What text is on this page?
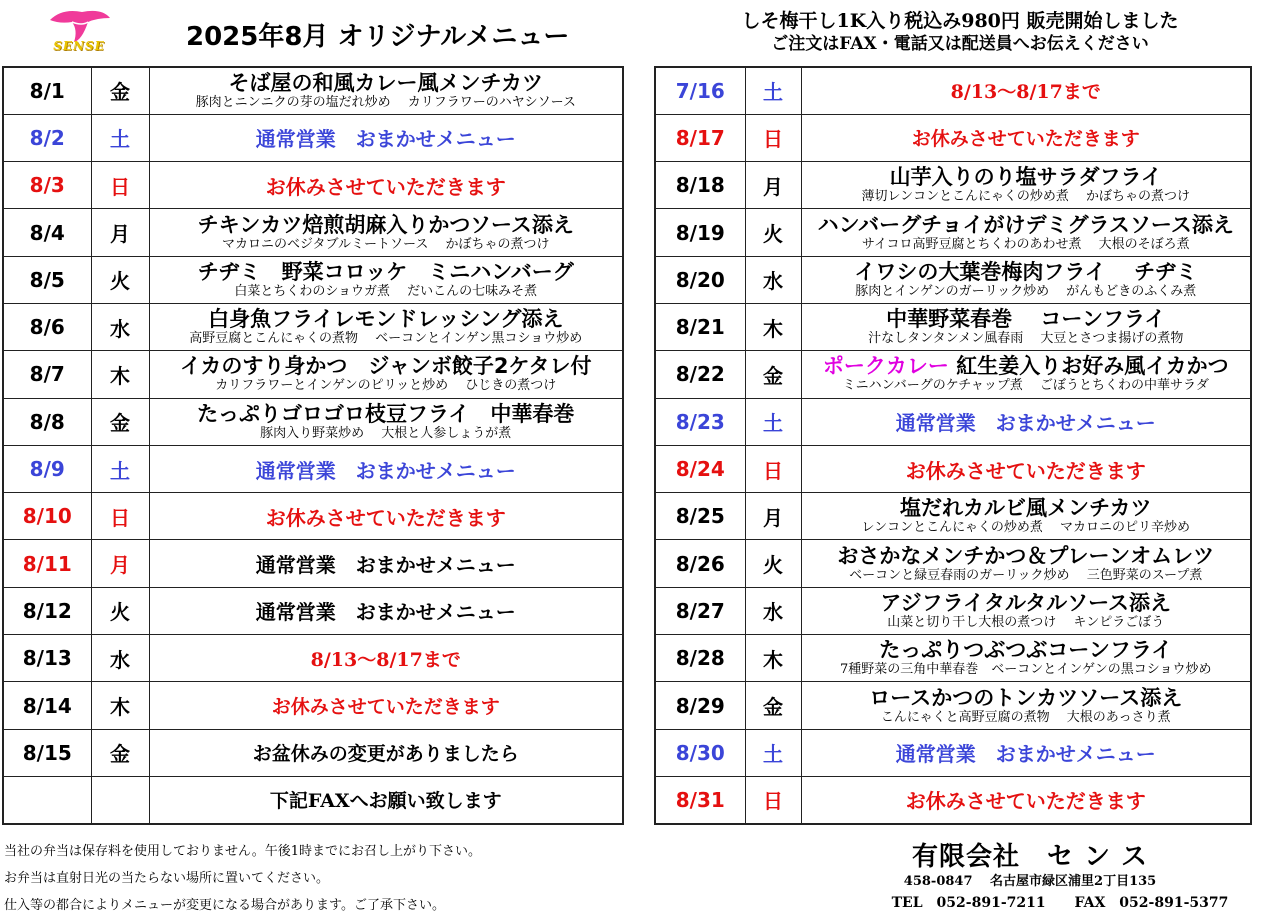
SENSE	2025年8月 オリジナルメニュー
しそ梅干し1K入り税込み980円 販売開始しました
ご注文はFAX・電話又は配送員へお伝えください
8/1	金	そば屋の和風カレー風メンチカツ
豚肉とニンニクの芽の塩だれ炒め　 カリフラワーのハヤシソース

8/2	土	通常営業　おまかせメニュー

8/3	日	お休みさせていただきます

8/4	月	チキンカツ焙煎胡麻入りかつソース添え
マカロニのベジタブルミートソース　 かぼちゃの煮つけ

8/5	火	チヂミ　野菜コロッケ　ミニハンバーグ
白菜とちくわのショウガ煮　 だいこんの七味みそ煮

8/6	水	白身魚フライレモンドレッシング添え
高野豆腐とこんにゃくの煮物　 ベーコンとインゲン黒コショウ炒め

8/7	木	イカのすり身かつ　ジャンボ餃子2ケタレ付
カリフラワーとインゲンのピリッと炒め　 ひじきの煮つけ

8/8	金	たっぷりゴロゴロ枝豆フライ　中華春巻
豚肉入り野菜炒め　 大根と人参しょうが煮

8/9	土	通常営業　おまかせメニュー

8/10	日	お休みさせていただきます

8/11	月	通常営業　おまかせメニュー

8/12	火	通常営業　おまかせメニュー

8/13	水	8/13～8/17まで

8/14	木	お休みさせていただきます

8/15	金	お盆休みの変更がありましたら

		下記FAXへお願い致します
7/16	土	8/13～8/17まで

8/17	日	お休みさせていただきます

8/18	月	山芋入りのり塩サラダフライ
薄切レンコンとこんにゃくの炒め煮　 かぼちゃの煮つけ

8/19	火	ハンバーグチョイがけデミグラスソース添え
サイコロ高野豆腐とちくわのあわせ煮　 大根のそぼろ煮

8/20	水	イワシの大葉巻梅肉フライ　 チヂミ
豚肉とインゲンのガーリック炒め　 がんもどきのふくみ煮

8/21	木	中華野菜春巻　 コーンフライ
汁なしタンタンメン風春雨　 大豆とさつま揚げの煮物

8/22	金	ポークカレー 紅生姜入りお好み風イカかつ
ミニハンバーグのケチャップ煮　 ごぼうとちくわの中華サラダ

8/23	土	通常営業　おまかせメニュー

8/24	日	お休みさせていただきます

8/25	月	塩だれカルビ風メンチカツ
レンコンとこんにゃくの炒め煮　 マカロニのピリ辛炒め

8/26	火	おさかなメンチかつ＆プレーンオムレツ
ベーコンと緑豆春雨のガーリック炒め　 三色野菜のスープ煮

8/27	水	アジフライタルタルソース添え
山菜と切り干し大根の煮つけ　 キンピラごぼう

8/28	木	たっぷりつぶつぶコーンフライ
7種野菜の三角中華春巻　ベーコンとインゲンの黒コショウ炒め

8/29	金	ロースかつのトンカツソース添え
こんにゃくと高野豆腐の煮物　 大根のあっさり煮

8/30	土	通常営業　おまかせメニュー

8/31	日	お休みさせていただきます
当社の弁当は保存料を使用しておりません。午後1時までにお召し上がり下さい。
お弁当は直射日光の当たらない場所に置いてください。
仕入等の都合によりメニューが変更になる場合があります。ご了承下さい。
有限会社　セ ン ス
458-0847　 名古屋市緑区浦里2丁目135
TEL　052-891-7211 FAX　052-891-5377
